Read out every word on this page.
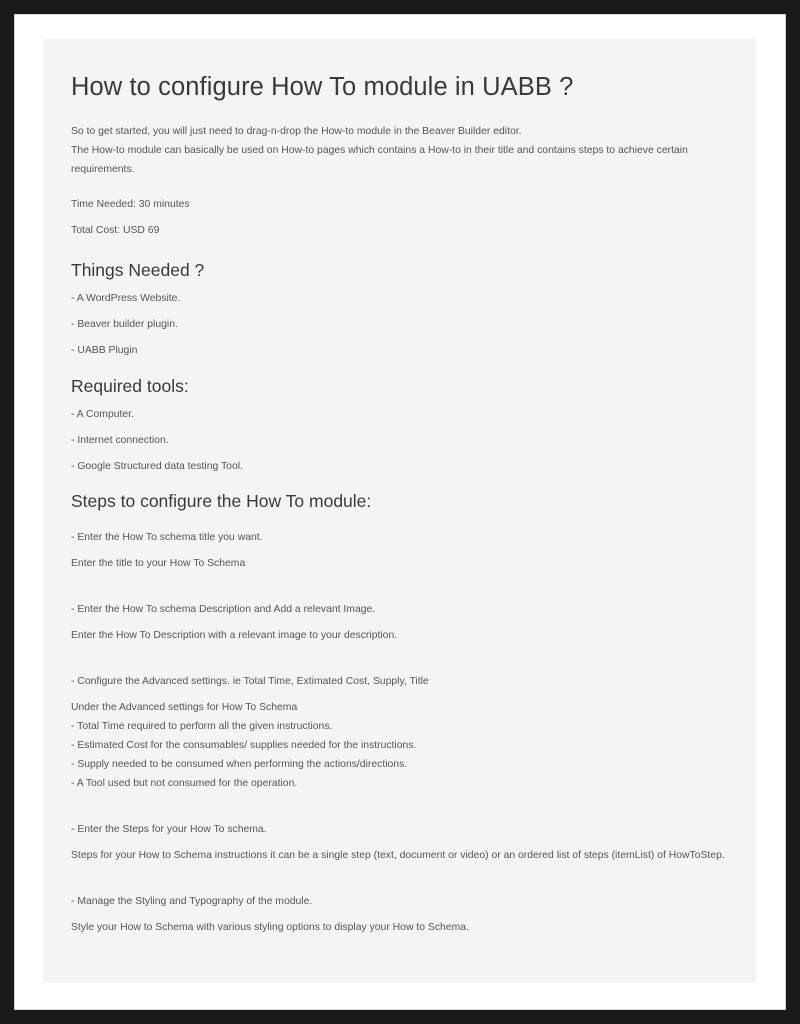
How to configure How To module in UABB ?

So to get started, you will just need to drag-n-drop the How-to module in the Beaver Builder editor.

The How-to module can basically be used on How-to pages which contains a How-to in their title and contains steps to achieve certain

requirements.

Time Needed: 30 minutes

Total Cost: USD 69

Things Needed ?

- A WordPress Website.

- Beaver builder plugin.

- UABB Plugin

Required tools:

- A Computer.

- Internet connection.

- Google Structured data testing Tool.

Steps to configure the How To module:

- Enter the How To schema title you want.

Enter the title to your How To Schema

- Enter the How To schema Description and Add a relevant Image.

Enter the How To Description with a relevant image to your description.

- Configure the Advanced settings. ie Total Time, Extimated Cost, Supply, Title

Under the Advanced settings for How To Schema

- Total Time required to perform all the given instructions.

- Estimated Cost for the consumables/ supplies needed for the instructions.

- Supply needed to be consumed when performing the actions/directions.

- A Tool used but not consumed for the operation.

- Enter the Steps for your How To schema.

Steps for your How to Schema instructions it can be a single step (text, document or video) or an ordered list of steps (itemList) of HowToStep.

- Manage the Styling and Typography of the module.

Style your How to Schema with various styling options to display your How to Schema.
